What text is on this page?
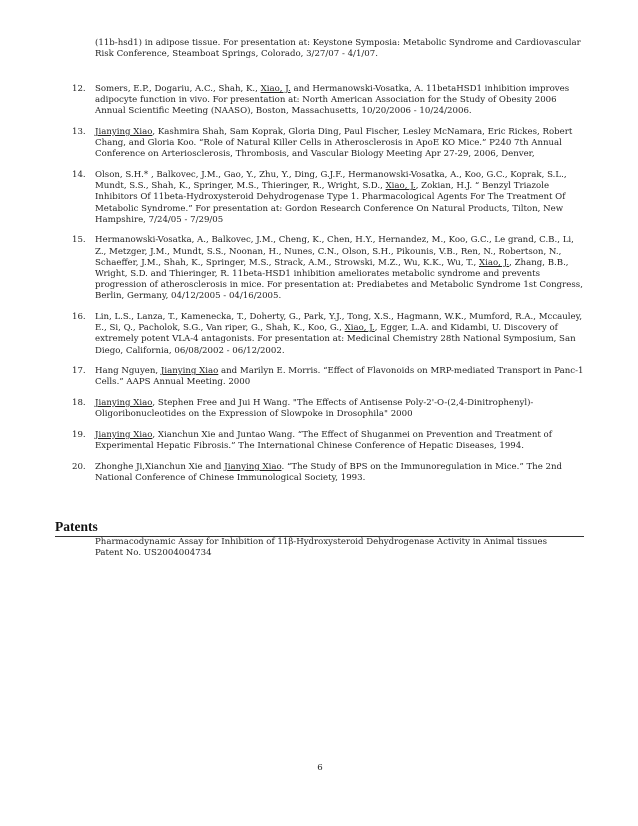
(11b-hsd1) in adipose tissue. For presentation at: Keystone Symposia: Metabolic Syndrome and Cardiovascular Risk Conference, Steamboat Springs, Colorado, 3/27/07 - 4/1/07.
12.	Somers, E.P., Dogariu, A.C., Shah, K., Xiao, J. and Hermanowski-Vosatka, A. 11betaHSD1 inhibition improves adipocyte function in vivo. For presentation at: North American Association for the Study of Obesity 2006 Annual Scientific Meeting (NAASO), Boston, Massachusetts, 10/20/2006 - 10/24/2006.
13.	Jianying Xiao, Kashmira Shah, Sam Koprak, Gloria Ding, Paul Fischer, Lesley McNamara, Eric Rickes, Robert Chang, and Gloria Koo. “Role of Natural Killer Cells in Atherosclerosis in ApoE KO Mice.” P240 7th Annual Conference on Arteriosclerosis, Thrombosis, and Vascular Biology Meeting Apr 27-29, 2006, Denver,
14.	Olson, S.H.* , Balkovec, J.M., Gao, Y., Zhu, Y., Ding, G.J.F., Hermanowski-Vosatka, A., Koo, G.C., Koprak, S.L., Mundt, S.S., Shah, K., Springer, M.S., Thieringer, R., Wright, S.D., Xiao, J., Zokian, H.J. “ Benzyl Triazole Inhibitors Of 11beta-Hydroxysteroid Dehydrogenase Type 1. Pharmacological Agents For The Treatment Of Metabolic Syndrome.” For presentation at: Gordon Research Conference On Natural Products, Tilton, New Hampshire, 7/24/05 - 7/29/05
15.	Hermanowski-Vosatka, A., Balkovec, J.M., Cheng, K., Chen, H.Y., Hernandez, M., Koo, G.C., Le grand, C.B., Li, Z., Metzger, J.M., Mundt, S.S., Noonan, H., Nunes, C.N., Olson, S.H., Pikounis, V.B., Ren, N., Robertson, N., Schaeffer, J.M., Shah, K., Springer, M.S., Strack, A.M., Strowski, M.Z., Wu, K.K., Wu, T., Xiao, J., Zhang, B.B., Wright, S.D. and Thieringer, R. 11beta-HSD1 inhibition ameliorates metabolic syndrome and prevents progression of atherosclerosis in mice. For presentation at: Prediabetes and Metabolic Syndrome 1st Congress, Berlin, Germany, 04/12/2005 - 04/16/2005.
16.	Lin, L.S., Lanza, T., Kamenecka, T., Doherty, G., Park, Y.J., Tong, X.S., Hagmann, W.K., Mumford, R.A., Mccauley, E., Si, Q., Pacholok, S.G., Van riper, G., Shah, K., Koo, G., Xiao, J., Egger, L.A. and Kidambi, U. Discovery of extremely potent VLA-4 antagonists. For presentation at: Medicinal Chemistry 28th National Symposium, San Diego, California, 06/08/2002 - 06/12/2002.
17.	Hang Nguyen, Jianying Xiao and Marilyn E. Morris. “Effect of Flavonoids on MRP-mediated Transport in Panc-1 Cells.” AAPS Annual Meeting. 2000
18.	Jianying Xiao, Stephen Free and Jui H Wang. "The Effects of Antisense Poly-2'-O-(2,4-Dinitrophenyl)-Oligoribonucleotides on the Expression of Slowpoke in Drosophila" 2000
19.	Jianying Xiao, Xianchun Xie and Juntao Wang. “The Effect of Shuganmei on Prevention and Treatment of Experimental Hepatic Fibrosis.” The International Chinese Conference of Hepatic Diseases, 1994.
20.	Zhonghe Ji,Xianchun Xie and Jianying Xiao. “The Study of BPS on the Immunoregulation in Mice.” The 2nd National Conference of Chinese Immunological Society, 1993.
Patents
Pharmacodynamic Assay for Inhibition of 11β-Hydroxysteroid Dehydrogenase Activity in Animal tissues
Patent No. US2004004734
6
